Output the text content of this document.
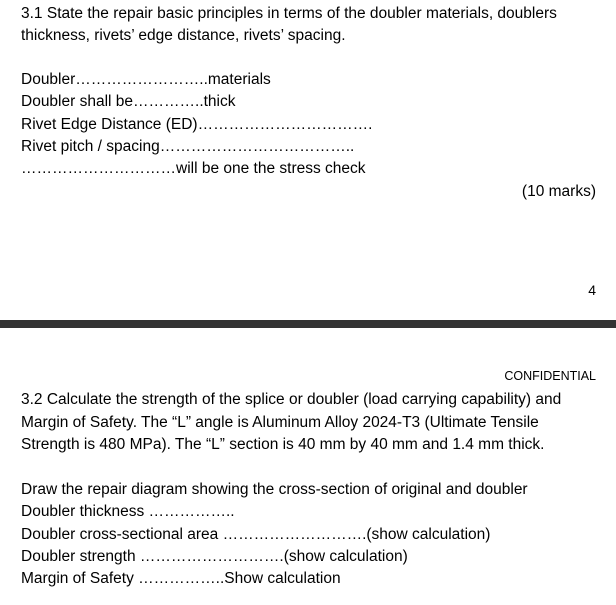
3.1 State the repair basic principles in terms of the doubler materials, doublers
thickness, rivets’ edge distance, rivets’ spacing.
Doubler……………………..materials
Doubler shall be…………..thick
Rivet Edge Distance (ED)…………………………….
Rivet pitch / spacing………………………………..
…………………………will be one the stress check
(10 marks)
4
CONFIDENTIAL
3.2 Calculate the strength of the splice or doubler (load carrying capability) and
Margin of Safety. The “L” angle is Aluminum Alloy 2024-T3 (Ultimate Tensile
Strength is 480 MPa). The “L” section is 40 mm by 40 mm and 1.4 mm thick.
Draw the repair diagram showing the cross-section of original and doubler
Doubler thickness ……………..
Doubler cross-sectional area ……………………….(show calculation)
Doubler strength ……………………….(show calculation)
Margin of Safety ……………..Show calculation
